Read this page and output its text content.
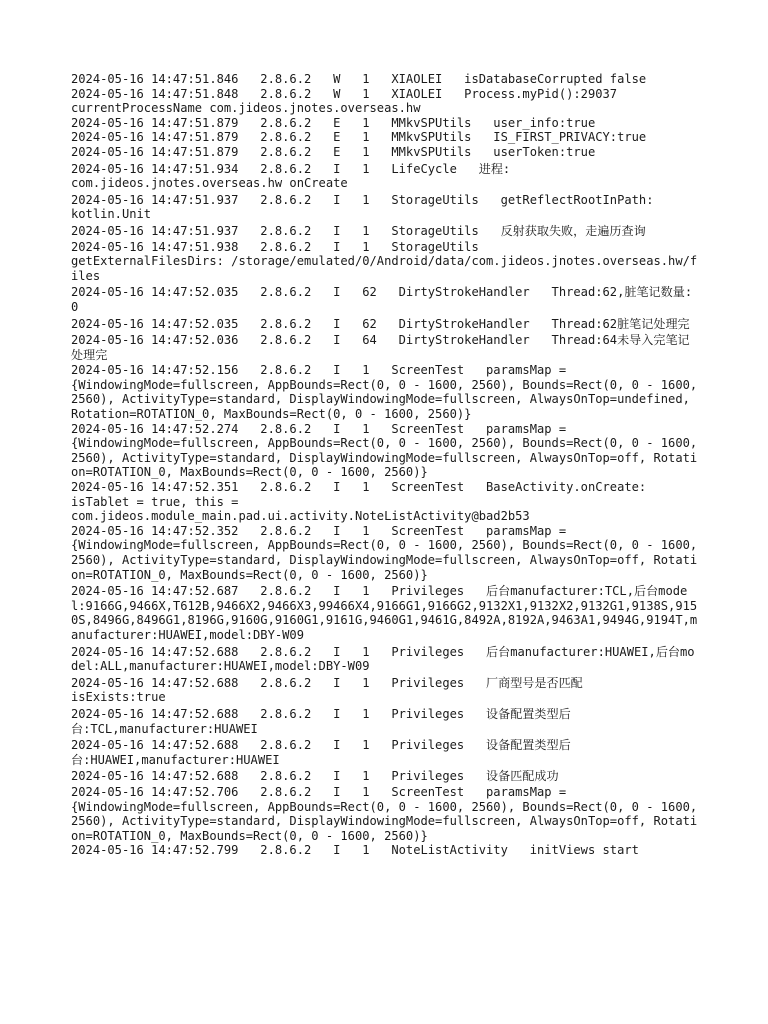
2024-05-16 14:47:51.846   2.8.6.2   W   1   XIAOLEI   isDatabaseCorrupted false
2024-05-16 14:47:51.848   2.8.6.2   W   1   XIAOLEI   Process.myPid():29037
currentProcessName com.jideos.jnotes.overseas.hw
2024-05-16 14:47:51.879   2.8.6.2   E   1   MMkvSPUtils   user_info:true
2024-05-16 14:47:51.879   2.8.6.2   E   1   MMkvSPUtils   IS_FIRST_PRIVACY:true
2024-05-16 14:47:51.879   2.8.6.2   E   1   MMkvSPUtils   userToken:true
2024-05-16 14:47:51.934   2.8.6.2   I   1   LifeCycle   进程:
com.jideos.jnotes.overseas.hw onCreate
2024-05-16 14:47:51.937   2.8.6.2   I   1   StorageUtils   getReflectRootInPath:
kotlin.Unit
2024-05-16 14:47:51.937   2.8.6.2   I   1   StorageUtils   反射获取失败，走遍历查询
2024-05-16 14:47:51.938   2.8.6.2   I   1   StorageUtils
getExternalFilesDirs: /storage/emulated/0/Android/data/com.jideos.jnotes.overseas.hw/files
2024-05-16 14:47:52.035   2.8.6.2   I   62   DirtyStrokeHandler   Thread:62,脏笔记数量: 0
2024-05-16 14:47:52.035   2.8.6.2   I   62   DirtyStrokeHandler   Thread:62脏笔记处理完
2024-05-16 14:47:52.036   2.8.6.2   I   64   DirtyStrokeHandler   Thread:64未导入完笔记处理完
2024-05-16 14:47:52.156   2.8.6.2   I   1   ScreenTest   paramsMap =
{WindowingMode=fullscreen, AppBounds=Rect(0, 0 - 1600, 2560), Bounds=Rect(0, 0 - 1600, 2560), ActivityType=standard, DisplayWindowingMode=fullscreen, AlwaysOnTop=undefined, Rotation=ROTATION_0, MaxBounds=Rect(0, 0 - 1600, 2560)}
2024-05-16 14:47:52.274   2.8.6.2   I   1   ScreenTest   paramsMap =
{WindowingMode=fullscreen, AppBounds=Rect(0, 0 - 1600, 2560), Bounds=Rect(0, 0 - 1600, 2560), ActivityType=standard, DisplayWindowingMode=fullscreen, AlwaysOnTop=off, Rotation=ROTATION_0, MaxBounds=Rect(0, 0 - 1600, 2560)}
2024-05-16 14:47:52.351   2.8.6.2   I   1   ScreenTest   BaseActivity.onCreate:
isTablet = true, this =
com.jideos.module_main.pad.ui.activity.NoteListActivity@bad2b53
2024-05-16 14:47:52.352   2.8.6.2   I   1   ScreenTest   paramsMap =
{WindowingMode=fullscreen, AppBounds=Rect(0, 0 - 1600, 2560), Bounds=Rect(0, 0 - 1600, 2560), ActivityType=standard, DisplayWindowingMode=fullscreen, AlwaysOnTop=off, Rotation=ROTATION_0, MaxBounds=Rect(0, 0 - 1600, 2560)}
2024-05-16 14:47:52.687   2.8.6.2   I   1   Privileges   后台manufacturer:TCL,后台model:9166G,9466X,T612B,9466X2,9466X3,99466X4,9166G1,9166G2,9132X1,9132X2,9132G1,9138S,9150S,8496G,8496G1,8196G,9160G,9160G1,9161G,9460G1,9461G,8492A,8192A,9463A1,9494G,9194T,manufacturer:HUAWEI,model:DBY-W09
2024-05-16 14:47:52.688   2.8.6.2   I   1   Privileges   后台manufacturer:HUAWEI,后台model:ALL,manufacturer:HUAWEI,model:DBY-W09
2024-05-16 14:47:52.688   2.8.6.2   I   1   Privileges   厂商型号是否匹配
isExists:true
2024-05-16 14:47:52.688   2.8.6.2   I   1   Privileges   设备配置类型后
台:TCL,manufacturer:HUAWEI
2024-05-16 14:47:52.688   2.8.6.2   I   1   Privileges   设备配置类型后
台:HUAWEI,manufacturer:HUAWEI
2024-05-16 14:47:52.688   2.8.6.2   I   1   Privileges   设备匹配成功
2024-05-16 14:47:52.706   2.8.6.2   I   1   ScreenTest   paramsMap =
{WindowingMode=fullscreen, AppBounds=Rect(0, 0 - 1600, 2560), Bounds=Rect(0, 0 - 1600, 2560), ActivityType=standard, DisplayWindowingMode=fullscreen, AlwaysOnTop=off, Rotation=ROTATION_0, MaxBounds=Rect(0, 0 - 1600, 2560)}
2024-05-16 14:47:52.799   2.8.6.2   I   1   NoteListActivity   initViews start
